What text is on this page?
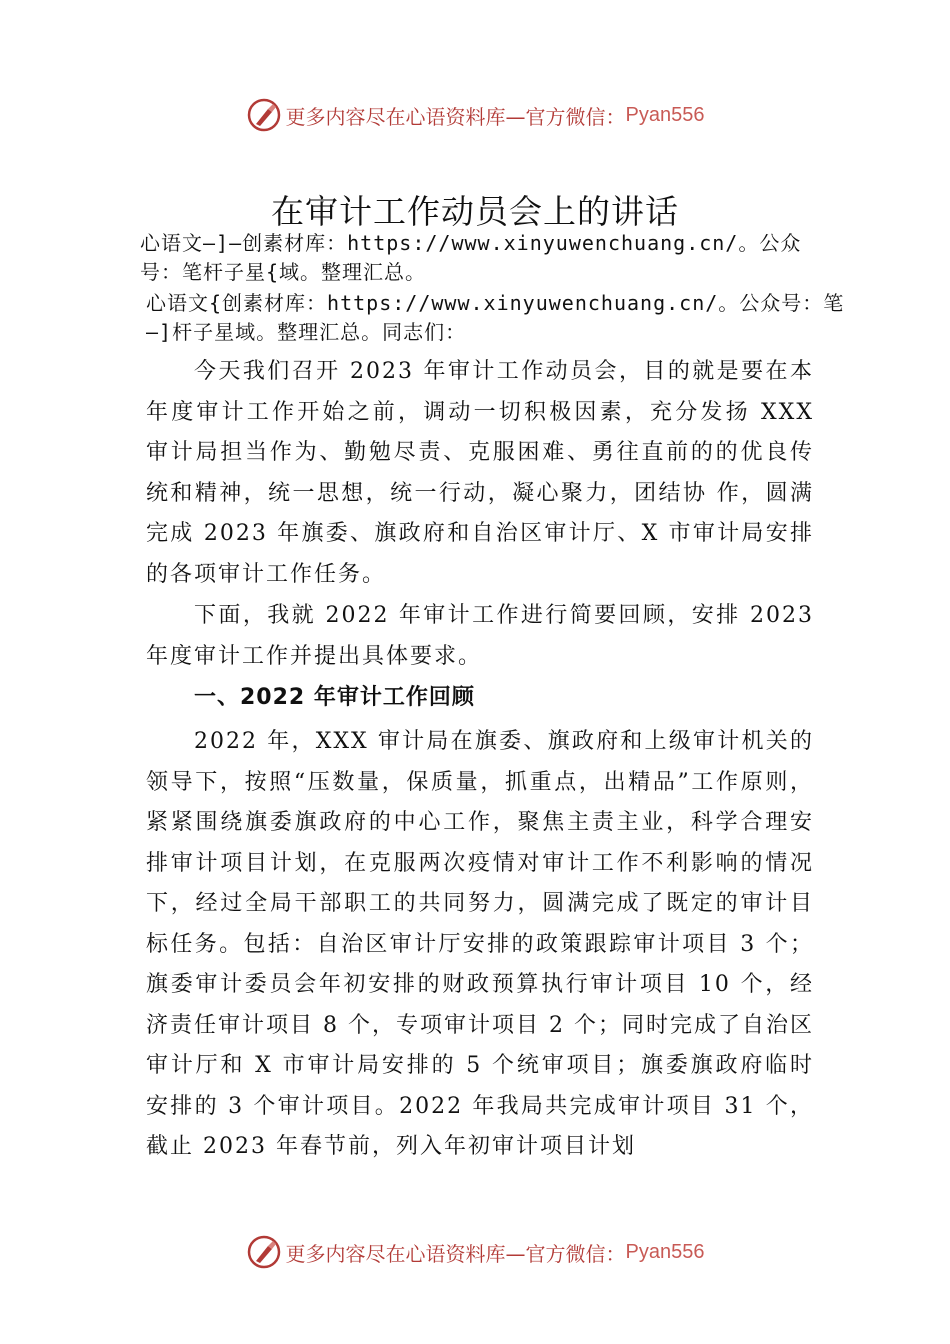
更多内容尽在心语资料库—官方微信： Pyan556
在审计工作动员会上的讲话
心语文—]—创素材库：https://www.xinyuwenchuang.cn/。公众号：笔杆子星{域。整理汇总。
心语文{创素材库：https://www.xinyuwenchuang.cn/。公众号：笔—]杆子星域。整理汇总。同志们：

今天我们召开 2023 年审计工作动员会，目的就是要在本年度审计工作开始之前，调动一切积极因素，充分发扬 XXX 审计局担当作为、勤勉尽责、克服困难、勇往直前的的优良传统和精神，统一思想，统一行动，凝心聚力，团结协 作，圆满完成 2023 年旗委、旗政府和自治区审计厅、X 市审计局安排的各项审计工作任务。

下面，我就 2022 年审计工作进行简要回顾，安排 2023 年度审计工作并提出具体要求。

一、2022 年审计工作回顾

2022 年，XXX 审计局在旗委、旗政府和上级审计机关的领导下，按照“压数量，保质量，抓重点，出精品”工作原则，紧紧围绕旗委旗政府的中心工作，聚焦主责主业，科学合理安排审计项目计划，在克服两次疫情对审计工作不利影响的情况下，经过全局干部职工的共同努力，圆满完成了既定的审计目标任务。包括：自治区审计厅安排的政策跟踪审计项目 3 个；旗委审计委员会年初安排的财政预算执行审计项目 10 个，经济责任审计项目 8 个，专项审计项目 2 个；同时完成了自治区审计厅和 X 市审计局安排的 5 个统审项目；旗委旗政府临时安排的 3 个审计项目。2022 年我局共完成审计项目 31 个，截止 2023 年春节前，列入年初审计项目计划

更多内容尽在心语资料库—官方微信： Pyan556
